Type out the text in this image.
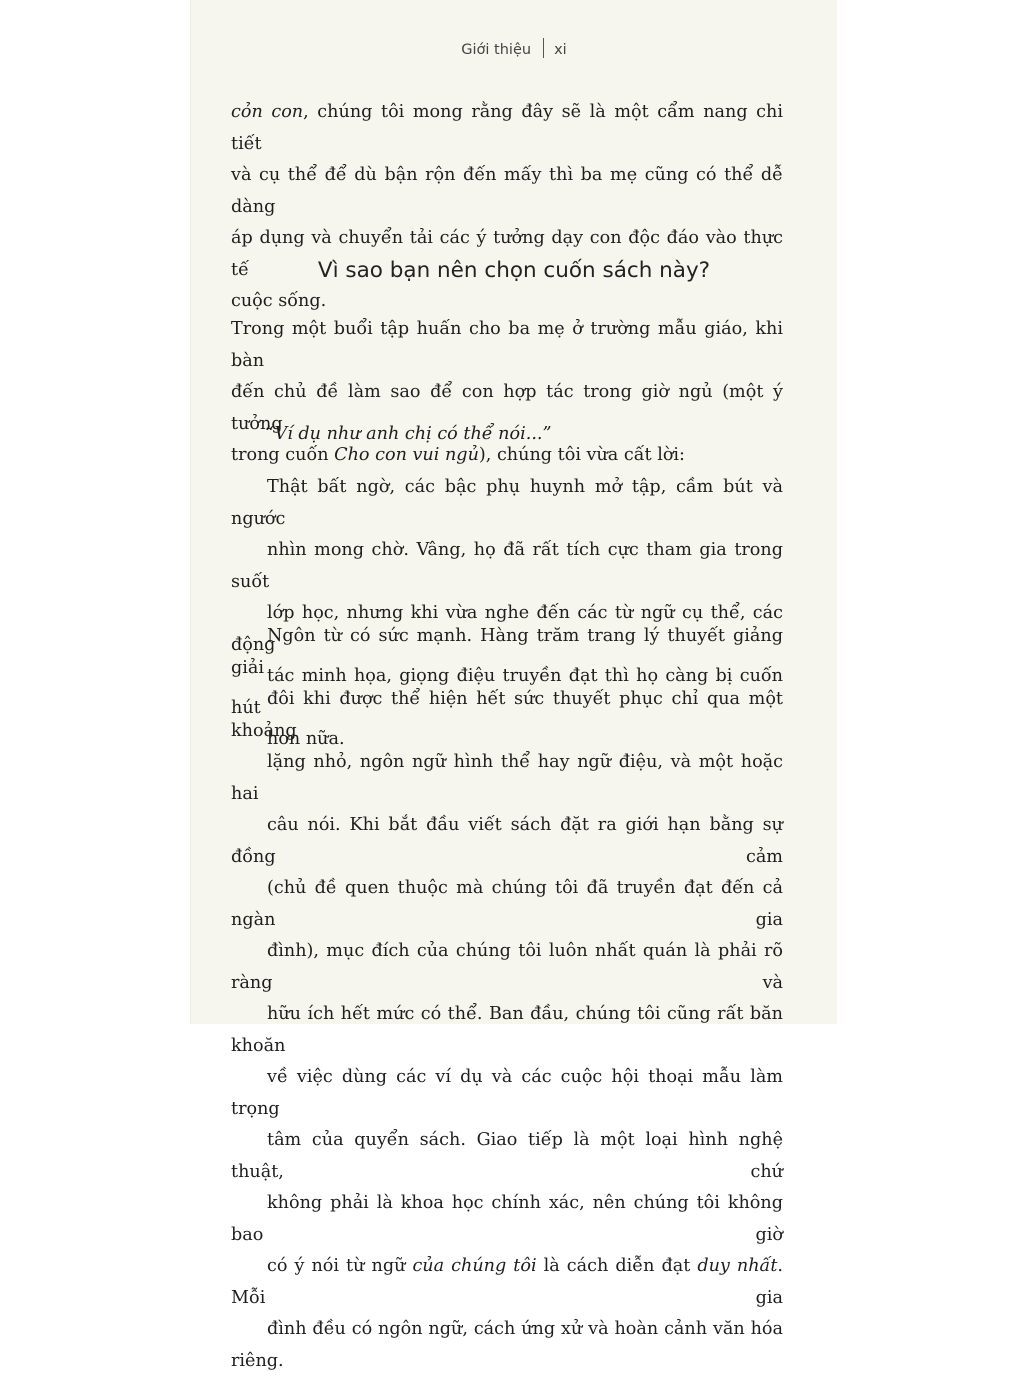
Giới thiệu xi
cỏn con, chúng tôi mong rằng đây sẽ là một cẩm nang chi tiết
và cụ thể để dù bận rộn đến mấy thì ba mẹ cũng có thể dễ dàng
áp dụng và chuyển tải các ý tưởng dạy con độc đáo vào thực tế
cuộc sống.
Vì sao bạn nên chọn cuốn sách này?
Trong một buổi tập huấn cho ba mẹ ở trường mẫu giáo, khi bàn
đến chủ đề làm sao để con hợp tác trong giờ ngủ (một ý tưởng
trong cuốn Cho con vui ngủ), chúng tôi vừa cất lời:
“Ví dụ như anh chị có thể nói...”
Thật bất ngờ, các bậc phụ huynh mở tập, cầm bút và ngước
nhìn mong chờ. Vâng, họ đã rất tích cực tham gia trong suốt
lớp học, nhưng khi vừa nghe đến các từ ngữ cụ thể, các động
tác minh họa, giọng điệu truyền đạt thì họ càng bị cuốn hút
hơn nữa.
Ngôn từ có sức mạnh. Hàng trăm trang lý thuyết giảng giải
đôi khi được thể hiện hết sức thuyết phục chỉ qua một khoảng
lặng nhỏ, ngôn ngữ hình thể hay ngữ điệu, và một hoặc hai
câu nói. Khi bắt đầu viết sách đặt ra giới hạn bằng sự đồng cảm
(chủ đề quen thuộc mà chúng tôi đã truyền đạt đến cả ngàn gia
đình), mục đích của chúng tôi luôn nhất quán là phải rõ ràng và
hữu ích hết mức có thể. Ban đầu, chúng tôi cũng rất băn khoăn
về việc dùng các ví dụ và các cuộc hội thoại mẫu làm trọng
tâm của quyển sách. Giao tiếp là một loại hình nghệ thuật, chứ
không phải là khoa học chính xác, nên chúng tôi không bao giờ
có ý nói từ ngữ của chúng tôi là cách diễn đạt duy nhất. Mỗi gia
đình đều có ngôn ngữ, cách ứng xử và hoàn cảnh văn hóa riêng.
